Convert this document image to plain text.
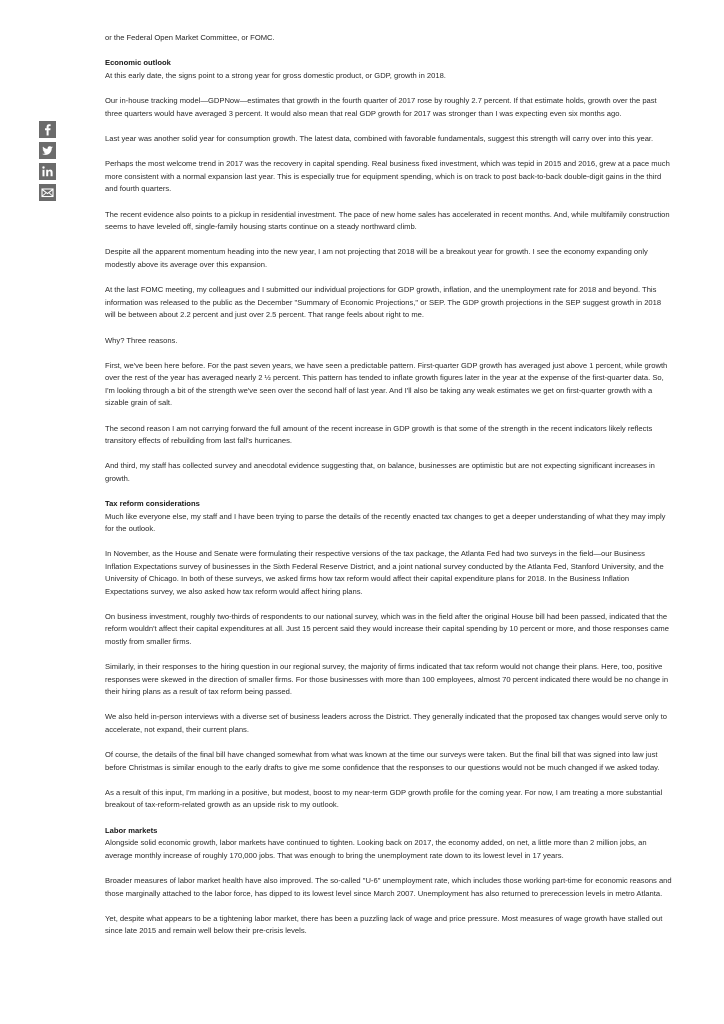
or the Federal Open Market Committee, or FOMC.

Economic outlook

At this early date, the signs point to a strong year for gross domestic product, or GDP, growth in 2018.

Our in-house tracking model—GDPNow—estimates that growth in the fourth quarter of 2017 rose by roughly 2.7 percent. If that estimate holds, growth over the past three quarters would have averaged 3 percent. It would also mean that real GDP growth for 2017 was stronger than I was expecting even six months ago.

Last year was another solid year for consumption growth. The latest data, combined with favorable fundamentals, suggest this strength will carry over into this year.

Perhaps the most welcome trend in 2017 was the recovery in capital spending. Real business fixed investment, which was tepid in 2015 and 2016, grew at a pace much more consistent with a normal expansion last year. This is especially true for equipment spending, which is on track to post back-to-back double-digit gains in the third and fourth quarters.

The recent evidence also points to a pickup in residential investment. The pace of new home sales has accelerated in recent months. And, while multifamily construction seems to have leveled off, single-family housing starts continue on a steady northward climb.

Despite all the apparent momentum heading into the new year, I am not projecting that 2018 will be a breakout year for growth. I see the economy expanding only modestly above its average over this expansion.

At the last FOMC meeting, my colleagues and I submitted our individual projections for GDP growth, inflation, and the unemployment rate for 2018 and beyond. This information was released to the public as the December "Summary of Economic Projections," or SEP. The GDP growth projections in the SEP suggest growth in 2018 will be between about 2.2 percent and just over 2.5 percent. That range feels about right to me.

Why? Three reasons.

First, we've been here before. For the past seven years, we have seen a predictable pattern. First-quarter GDP growth has averaged just above 1 percent, while growth over the rest of the year has averaged nearly 2 ½ percent. This pattern has tended to inflate growth figures later in the year at the expense of the first-quarter data. So, I'm looking through a bit of the strength we've seen over the second half of last year. And I'll also be taking any weak estimates we get on first-quarter growth with a sizable grain of salt.

The second reason I am not carrying forward the full amount of the recent increase in GDP growth is that some of the strength in the recent indicators likely reflects transitory effects of rebuilding from last fall's hurricanes.

And third, my staff has collected survey and anecdotal evidence suggesting that, on balance, businesses are optimistic but are not expecting significant increases in growth.

Tax reform considerations

Much like everyone else, my staff and I have been trying to parse the details of the recently enacted tax changes to get a deeper understanding of what they may imply for the outlook.

In November, as the House and Senate were formulating their respective versions of the tax package, the Atlanta Fed had two surveys in the field—our Business Inflation Expectations survey of businesses in the Sixth Federal Reserve District, and a joint national survey conducted by the Atlanta Fed, Stanford University, and the University of Chicago. In both of these surveys, we asked firms how tax reform would affect their capital expenditure plans for 2018. In the Business Inflation Expectations survey, we also asked how tax reform would affect hiring plans.

On business investment, roughly two-thirds of respondents to our national survey, which was in the field after the original House bill had been passed, indicated that the reform wouldn't affect their capital expenditures at all. Just 15 percent said they would increase their capital spending by 10 percent or more, and those responses came mostly from smaller firms.

Similarly, in their responses to the hiring question in our regional survey, the majority of firms indicated that tax reform would not change their plans. Here, too, positive responses were skewed in the direction of smaller firms. For those businesses with more than 100 employees, almost 70 percent indicated there would be no change in their hiring plans as a result of tax reform being passed.

We also held in-person interviews with a diverse set of business leaders across the District. They generally indicated that the proposed tax changes would serve only to accelerate, not expand, their current plans.

Of course, the details of the final bill have changed somewhat from what was known at the time our surveys were taken. But the final bill that was signed into law just before Christmas is similar enough to the early drafts to give me some confidence that the responses to our questions would not be much changed if we asked today.

As a result of this input, I'm marking in a positive, but modest, boost to my near-term GDP growth profile for the coming year. For now, I am treating a more substantial breakout of tax-reform-related growth as an upside risk to my outlook.

Labor markets

Alongside solid economic growth, labor markets have continued to tighten. Looking back on 2017, the economy added, on net, a little more than 2 million jobs, an average monthly increase of roughly 170,000 jobs. That was enough to bring the unemployment rate down to its lowest level in 17 years.

Broader measures of labor market health have also improved. The so-called "U-6" unemployment rate, which includes those working part-time for economic reasons and those marginally attached to the labor force, has dipped to its lowest level since March 2007. Unemployment has also returned to prerecession levels in metro Atlanta.

Yet, despite what appears to be a tightening labor market, there has been a puzzling lack of wage and price pressure. Most measures of wage growth have stalled out since late 2015 and remain well below their pre-crisis levels.
